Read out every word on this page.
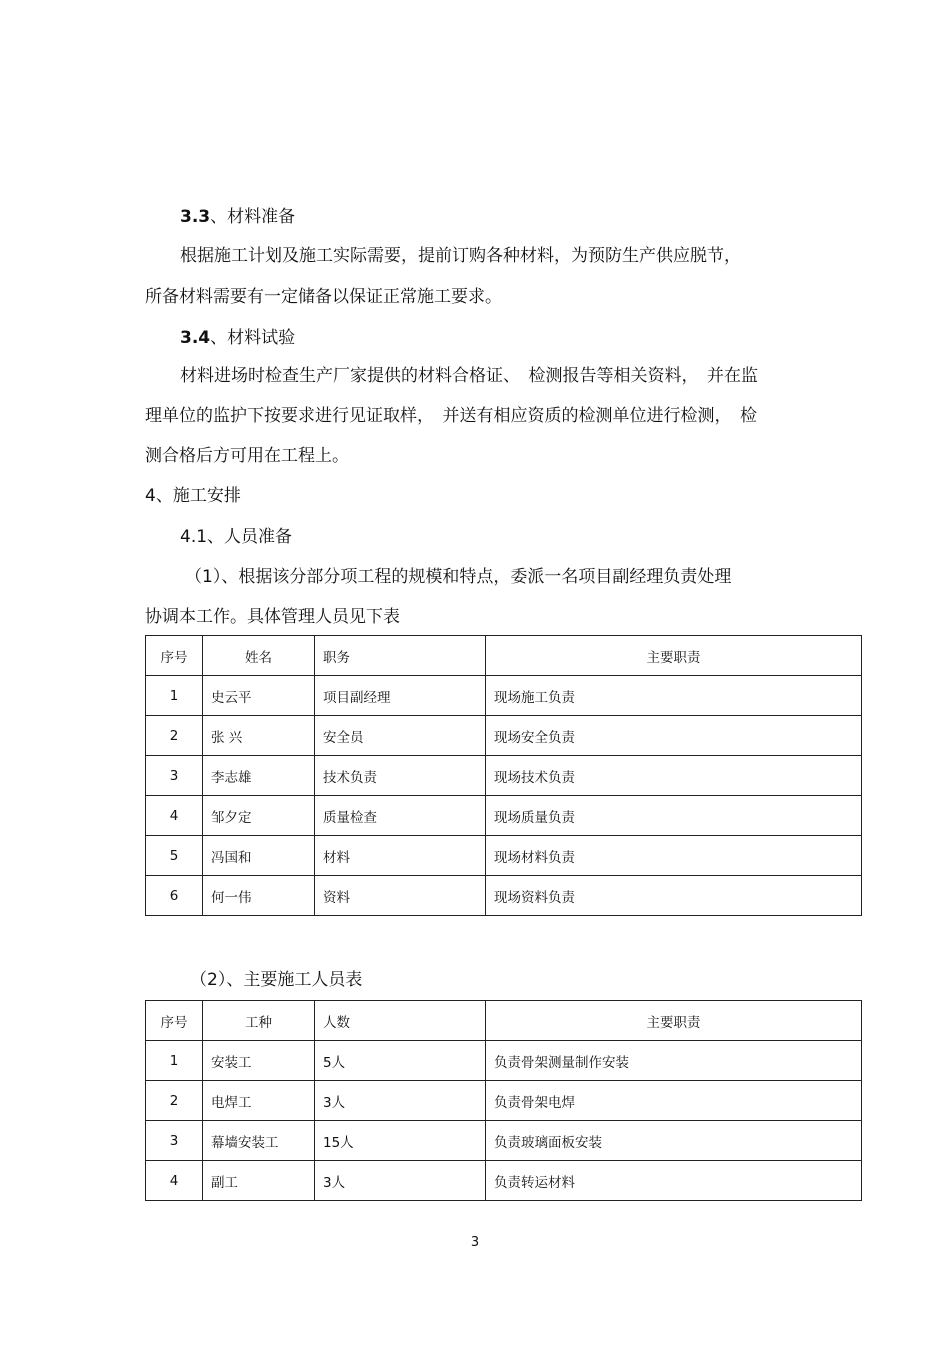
3.3、材料准备
根据施工计划及施工实际需要，提前订购各种材料，为预防生产供应脱节，
所备材料需要有一定储备以保证正常施工要求。
3.4、材料试验
材料进场时检查生产厂家提供的材料合格证、　检测报告等相关资料，　并在监
理单位的监护下按要求进行见证取样，　并送有相应资质的检测单位进行检测，　检
测合格后方可用在工程上。
4、施工安排
4.1、人员准备
（1）、根据该分部分项工程的规模和特点，委派一名项目副经理负责处理
协调本工作。具体管理人员见下表
序号	姓名	职务	主要职责
1	史云平	项目副经理	现场施工负责
2	张 兴	安全员	现场安全负责
3	李志雄	技术负责	现场技术负责
4	邹夕定	质量检查	现场质量负责
5	冯国和	材料	现场材料负责
6	何一伟	资料	现场资料负责
（2）、主要施工人员表
序号	工种	人数	主要职责
1	安装工	5人	负责骨架测量制作安装
2	电焊工	3人	负责骨架电焊
3	幕墙安装工	15人	负责玻璃面板安装
4	副工	3人	负责转运材料
3
